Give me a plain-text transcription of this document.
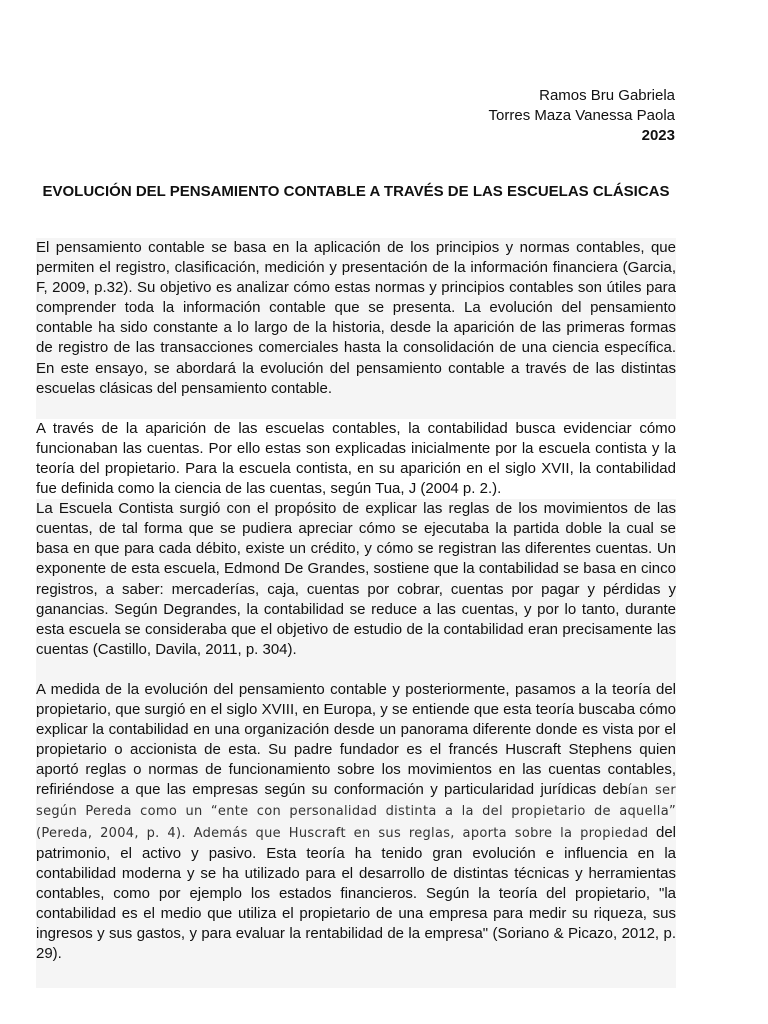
Ramos Bru Gabriela
Torres Maza Vanessa Paola
2023
EVOLUCIÓN DEL PENSAMIENTO CONTABLE A TRAVÉS DE LAS ESCUELAS CLÁSICAS

El pensamiento contable se basa en la aplicación de los principios y normas contables, que permiten el registro, clasificación, medición y presentación de la información financiera (Garcia, F, 2009, p.32). Su objetivo es analizar cómo estas normas y principios contables son útiles para comprender toda la información contable que se presenta. La evolución del pensamiento contable ha sido constante a lo largo de la historia, desde la aparición de las primeras formas de registro de las transacciones comerciales hasta la consolidación de una ciencia específica. En este ensayo, se abordará la evolución del pensamiento contable a través de las distintas escuelas clásicas del pensamiento contable.

A través de la aparición de las escuelas contables, la contabilidad busca evidenciar cómo funcionaban las cuentas. Por ello estas son explicadas inicialmente por la escuela contista y la teoría del propietario. Para la escuela contista, en su aparición en el siglo XVII, la contabilidad fue definida como la ciencia de las cuentas, según Tua, J (2004 p. 2.).

La Escuela Contista surgió con el propósito de explicar las reglas de los movimientos de las cuentas, de tal forma que se pudiera apreciar cómo se ejecutaba la partida doble la cual se basa en que para cada débito, existe un crédito, y cómo se registran las diferentes cuentas. Un exponente de esta escuela, Edmond De Grandes, sostiene que la contabilidad se basa en cinco registros, a saber: mercaderías, caja, cuentas por cobrar, cuentas por pagar y pérdidas y ganancias. Según Degrandes, la contabilidad se reduce a las cuentas, y por lo tanto, durante esta escuela se consideraba que el objetivo de estudio de la contabilidad eran precisamente las cuentas (Castillo, Davila, 2011, p. 304).

A medida de la evolución del pensamiento contable y posteriormente, pasamos a la teoría del propietario, que surgió en el siglo XVIII, en Europa, y se entiende que esta teoría buscaba cómo explicar la contabilidad en una organización desde un panorama diferente donde es vista por el propietario o accionista de esta. Su padre fundador es el francés Huscraft Stephens quien aportó reglas o normas de funcionamiento sobre los movimientos en las cuentas contables, refiriéndose a que las empresas según su conformación y particularidad jurídicas debían ser según Pereda como un “ente con personalidad distinta a la del propietario de aquella” (Pereda, 2004, p. 4). Además que Huscraft en sus reglas, aporta sobre la propiedad del patrimonio, el activo y pasivo. Esta teoría ha tenido gran evolución e influencia en la contabilidad moderna y se ha utilizado para el desarrollo de distintas técnicas y herramientas contables, como por ejemplo los estados financieros. Según la teoría del propietario, "la contabilidad es el medio que utiliza el propietario de una empresa para medir su riqueza, sus ingresos y sus gastos, y para evaluar la rentabilidad de la empresa" (Soriano & Picazo, 2012, p. 29).
